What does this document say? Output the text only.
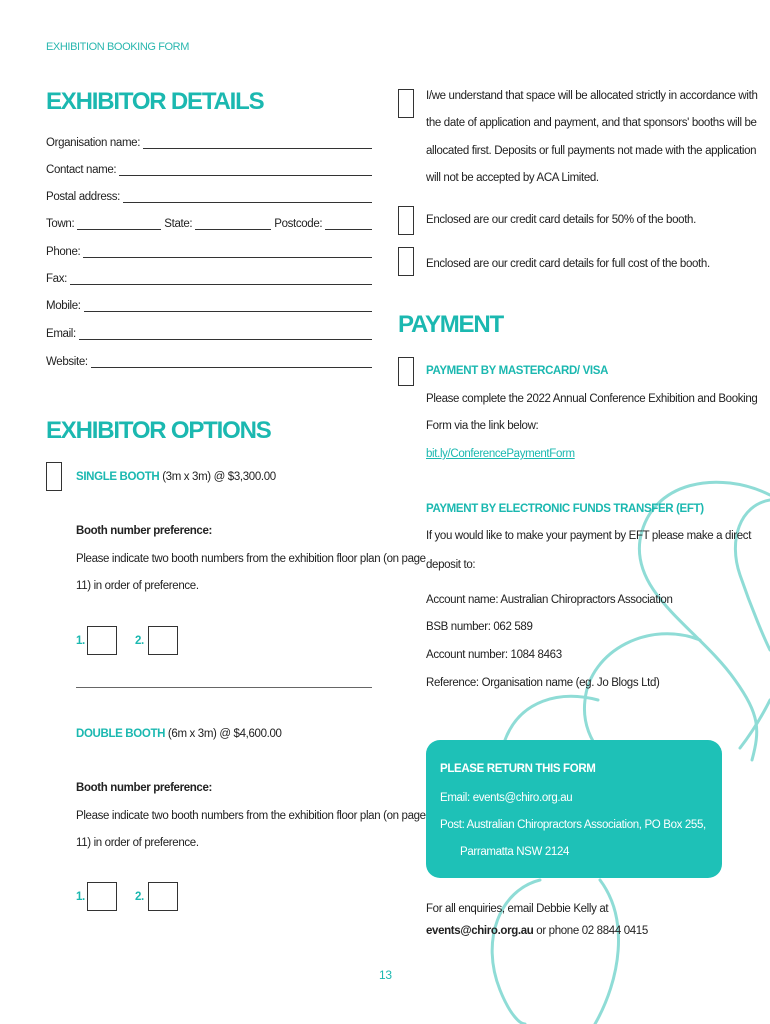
EXHIBITION BOOKING FORM
EXHIBITOR DETAILS
Organisation name:
Contact name:
Postal address:
Town:	State:	Postcode:
Phone:
Fax:
Mobile:
Email:
Website:
EXHIBITOR OPTIONS
SINGLE BOOTH (3m x 3m) @ $3,300.00
Booth number preference:
Please indicate two booth numbers from the exhibition floor plan (on page
11) in order of preference.
1.	2.
DOUBLE BOOTH (6m x 3m) @ $4,600.00
Booth number preference:
Please indicate two booth numbers from the exhibition floor plan (on page
11) in order of preference.
1.	2.
I/we understand that space will be allocated strictly in accordance with
the date of application and payment, and that sponsors' booths will be
allocated first. Deposits or full payments not made with the application
will not be accepted by ACA Limited.
Enclosed are our credit card details for 50% of the booth.
Enclosed are our credit card details for full cost of the booth.
PAYMENT
PAYMENT BY MASTERCARD/ VISA
Please complete the 2022 Annual Conference Exhibition and Booking
Form via the link below:
bit.ly/ConferencePaymentForm
PAYMENT BY ELECTRONIC FUNDS TRANSFER (EFT)
If you would like to make your payment by EFT please make a direct
deposit to:
Account name: Australian Chiropractors Association
BSB number: 062 589
Account number: 1084 8463
Reference: Organisation name (eg. Jo Blogs Ltd)
PLEASE RETURN THIS FORM
Email: events@chiro.org.au
Post: Australian Chiropractors Association, PO Box 255,
Parramatta NSW 2124
For all enquiries, email Debbie Kelly at
events@chiro.org.au or phone 02 8844 0415
13
